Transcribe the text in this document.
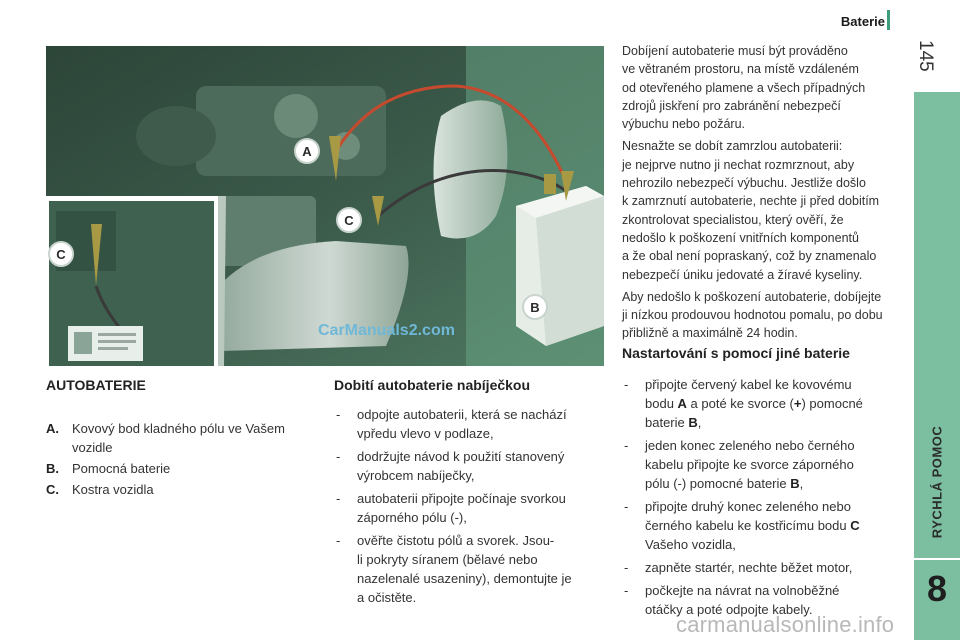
Baterie
145
RYCHLÁ POMOC
8
A
C
B
C
CarManuals2.com
AUTOBATERIE
A. Kovový bod kladného pólu ve Vašem
vozidle
B. Pomocná baterie
C. Kostra vozidla
Dobití autobaterie nabíječkou
- odpojte autobaterii, která se nachází
vpředu vlevo v podlaze,
- dodržujte návod k použití stanovený
výrobcem nabíječky,
- autobaterii připojte počínaje svorkou
záporného pólu (-),
- ověřte čistotu pólů a svorek. Jsou-
li pokryty síranem (bělavé nebo
nazelenalé usazeniny), demontujte je
a očistěte.
Dobíjení autobaterie musí být prováděno
ve větraném prostoru, na místě vzdáleném
od otevřeného plamene a všech případných
zdrojů jiskření pro zabránění nebezpečí
výbuchu nebo požáru.
Nesnažte se dobít zamrzlou autobaterii:
je nejprve nutno ji nechat rozmrznout, aby
nehrozilo nebezpečí výbuchu. Jestliže došlo
k zamrznutí autobaterie, nechte ji před dobitím
zkontrolovat specialistou, který ověří, že
nedošlo k poškození vnitřních komponentů
a že obal není popraskaný, což by znamenalo
nebezpečí úniku jedovaté a žíravé kyseliny.
Aby nedošlo k poškození autobaterie, dobíjejte
ji nízkou prodouvou hodnotou pomalu, po dobu
přibližně a maximálně 24 hodin.
Nastartování s pomocí jiné baterie
- připojte červený kabel ke kovovému
bodu A a poté ke svorce (+) pomocné
baterie B,
- jeden konec zeleného nebo černého
kabelu připojte ke svorce záporného
pólu (-) pomocné baterie B,
- připojte druhý konec zeleného nebo
černého kabelu ke kostřicímu bodu C
Vašeho vozidla,
- zapněte startér, nechte běžet motor,
- počkejte na návrat na volnoběžné
otáčky a poté odpojte kabely.
carmanualsonline.info
